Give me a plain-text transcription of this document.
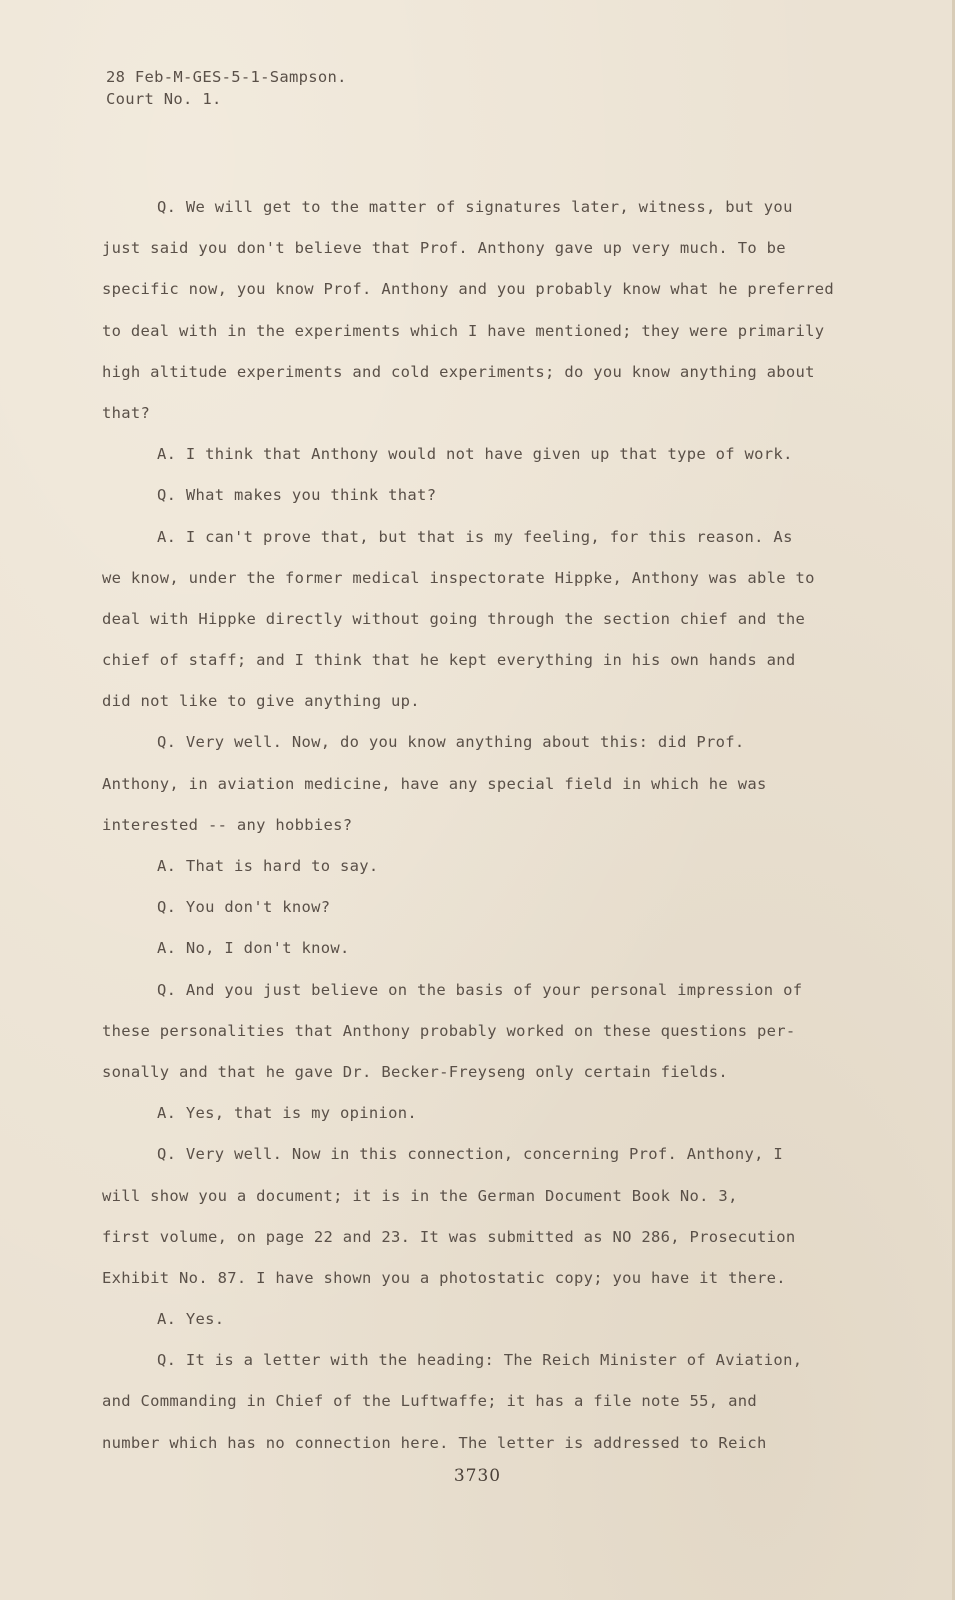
28 Feb-M-GES-5-1-Sampson.
Court No. 1.
Q. We will get to the matter of signatures later, witness, but you
just said you don't believe that Prof. Anthony gave up very much. To be
specific now, you know Prof. Anthony and you probably know what he preferred
to deal with in the experiments which I have mentioned; they were primarily
high altitude experiments and cold experiments; do you know anything about
that?
A. I think that Anthony would not have given up that type of work.
Q. What makes you think that?
A. I can't prove that, but that is my feeling, for this reason. As
we know, under the former medical inspectorate Hippke, Anthony was able to
deal with Hippke directly without going through the section chief and the
chief of staff; and I think that he kept everything in his own hands and
did not like to give anything up.
Q. Very well. Now, do you know anything about this: did Prof.
Anthony, in aviation medicine, have any special field in which he was
interested -- any hobbies?
A. That is hard to say.
Q. You don't know?
A. No, I don't know.
Q. And you just believe on the basis of your personal impression of
these personalities that Anthony probably worked on these questions per-
sonally and that he gave Dr. Becker-Freyseng only certain fields.
A. Yes, that is my opinion.
Q. Very well. Now in this connection, concerning Prof. Anthony, I
will show you a document; it is in the German Document Book No. 3,
first volume, on page 22 and 23. It was submitted as NO 286, Prosecution
Exhibit No. 87. I have shown you a photostatic copy; you have it there.
A. Yes.
Q. It is a letter with the heading: The Reich Minister of Aviation,
and Commanding in Chief of the Luftwaffe; it has a file note 55, and
number which has no connection here. The letter is addressed to Reich
3730
